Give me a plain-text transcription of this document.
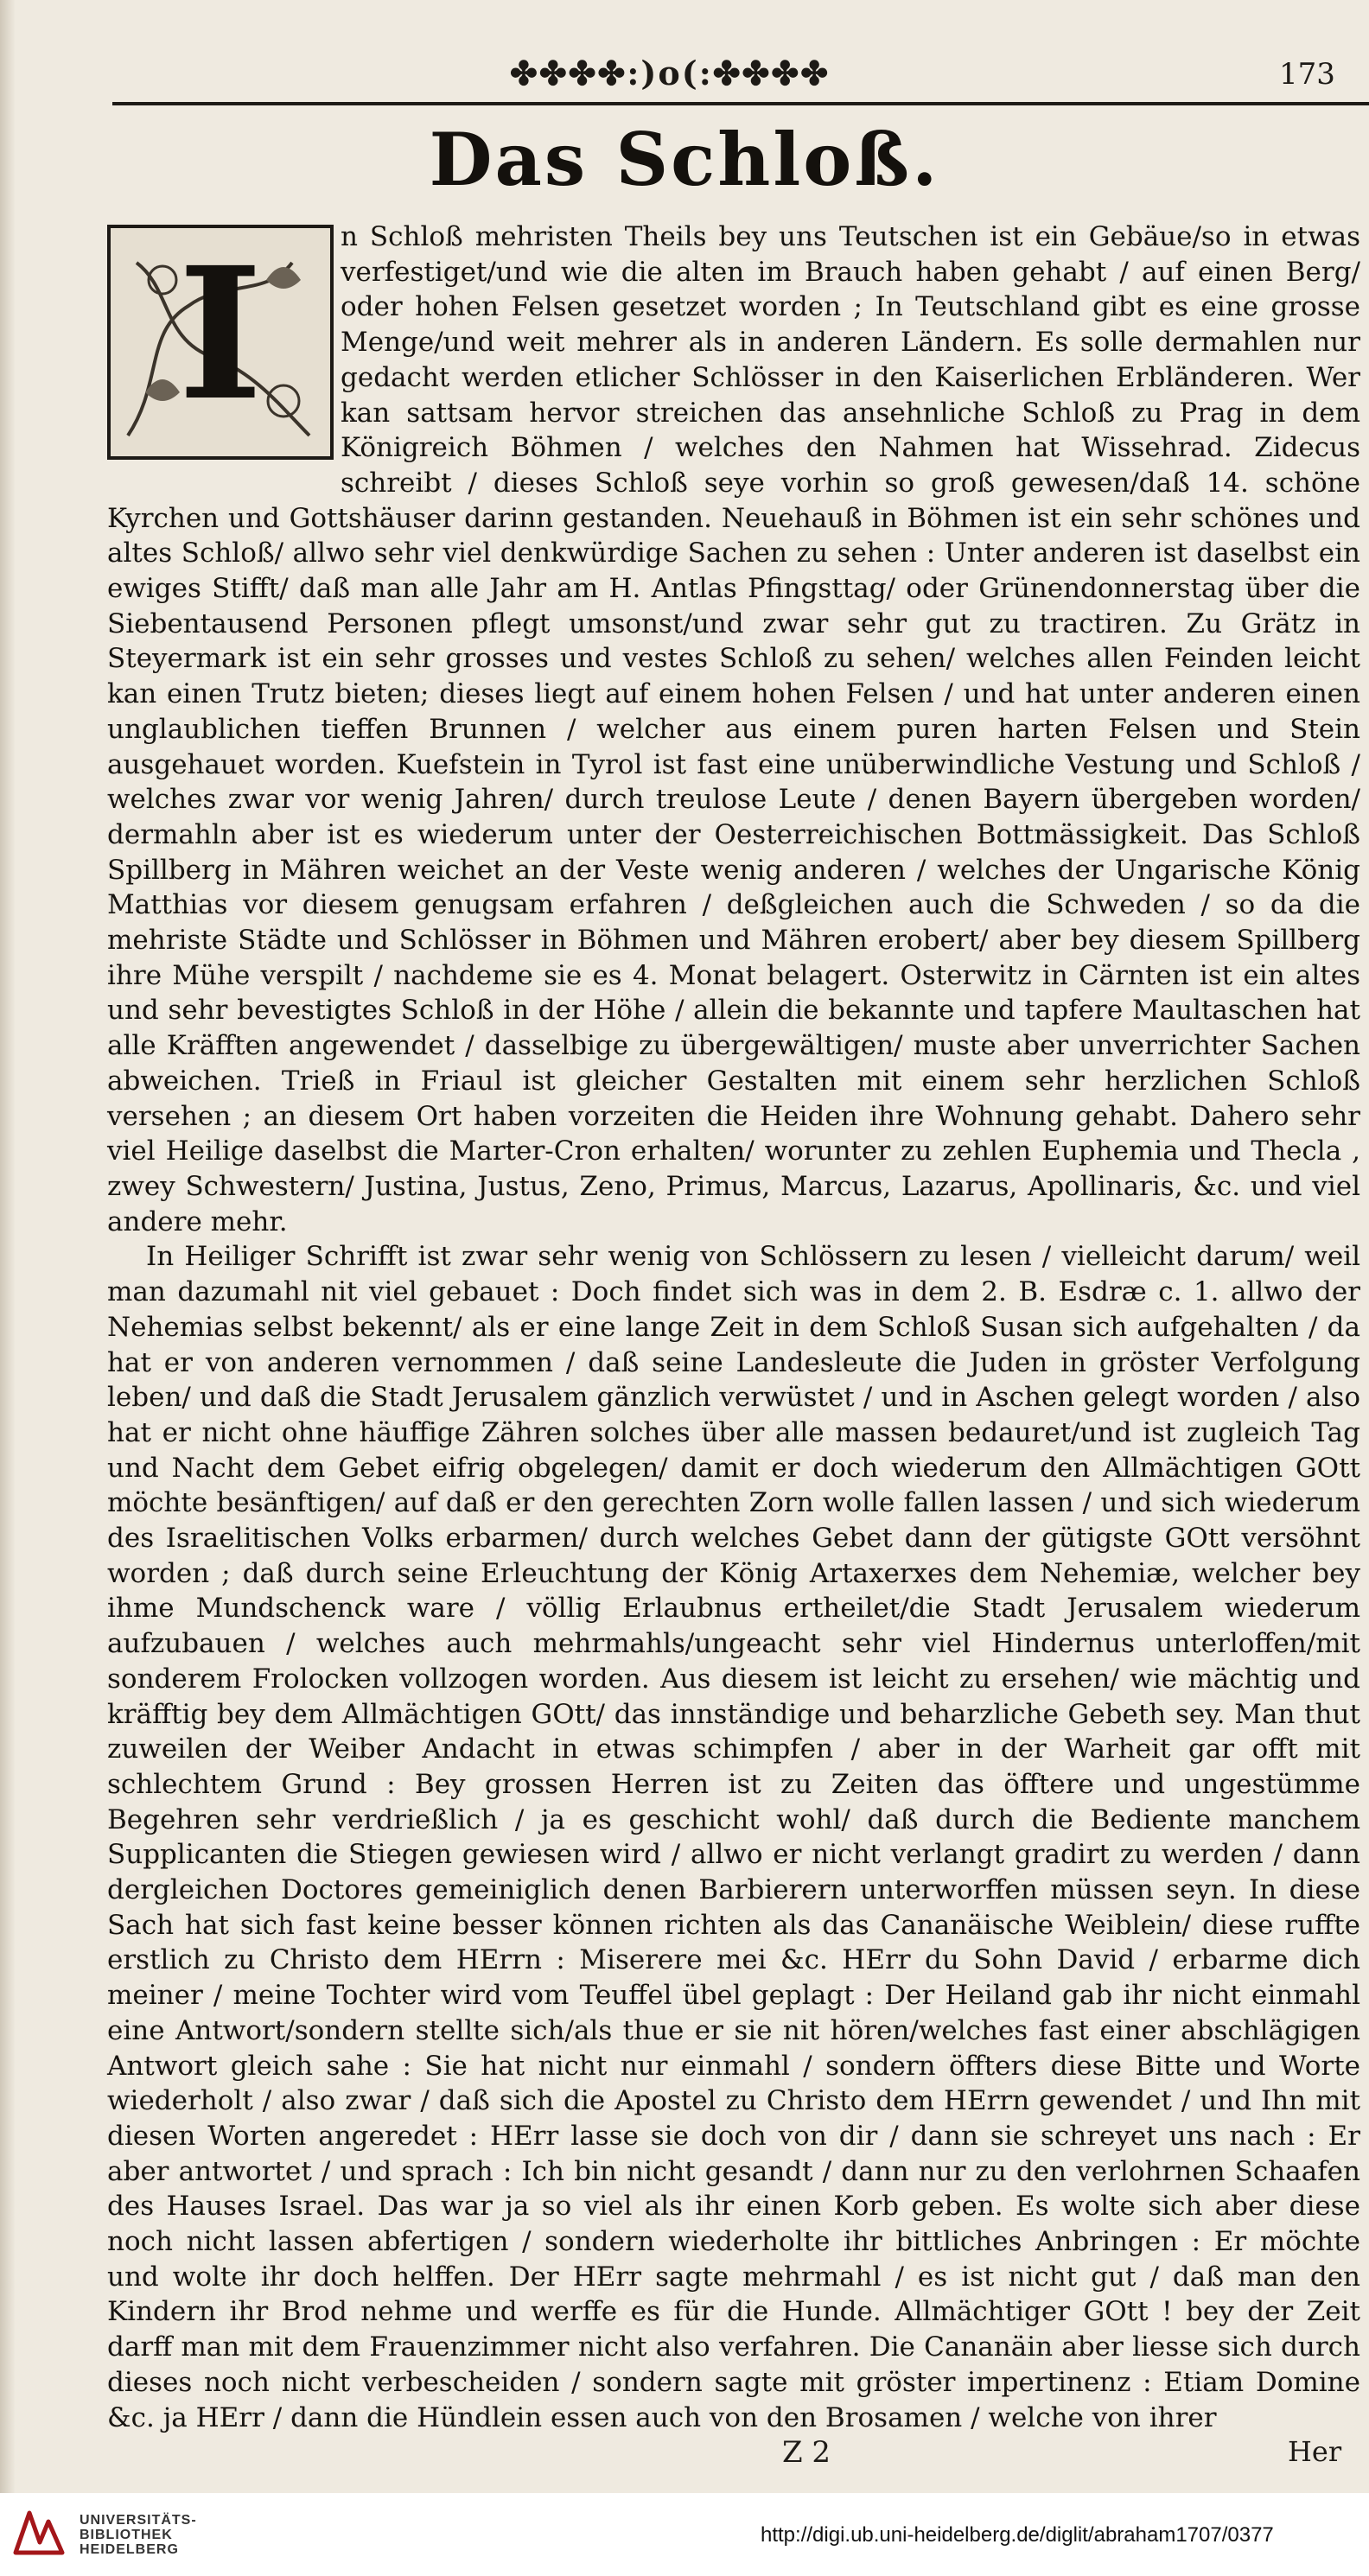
✤✤✤✤:)o(:✤✤✤✤	173
Das Schloß.
I	n Schloß mehristen Theils bey uns Teutschen ist ein Gebäue/so in etwas verfestiget/und wie die alten im Brauch haben gehabt / auf einen Berg/ oder hohen Felsen gesetzet worden ; In Teutschland gibt es eine grosse Menge/und weit mehrer als in anderen Ländern. Es solle dermahlen nur gedacht werden etlicher Schlösser in den Kaiserlichen Erbländeren. Wer kan sattsam hervor streichen das ansehnliche Schloß zu Prag in dem Königreich Böhmen / welches den Nahmen hat Wissehrad. Zidecus schreibt / dieses Schloß seye vorhin so groß gewesen/daß 14. schöne Kyrchen und Gottshäuser darinn gestanden. Neuehauß in Böhmen ist ein sehr schönes und altes Schloß/ allwo sehr viel denkwürdige Sachen zu sehen : Unter anderen ist daselbst ein ewiges Stifft/ daß man alle Jahr am H. Antlas Pfingsttag/ oder Grünendonnerstag über die Siebentausend Personen pflegt umsonst/und zwar sehr gut zu tractiren. Zu Grätz in Steyermark ist ein sehr grosses und vestes Schloß zu sehen/ welches allen Feinden leicht kan einen Trutz bieten; dieses liegt auf einem hohen Felsen / und hat unter anderen einen unglaublichen tieffen Brunnen / welcher aus einem puren harten Felsen und Stein ausgehauet worden. Kuefstein in Tyrol ist fast eine unüberwindliche Vestung und Schloß / welches zwar vor wenig Jahren/ durch treulose Leute / denen Bayern übergeben worden/ dermahln aber ist es wiederum unter der Oesterreichischen Bottmässigkeit. Das Schloß Spillberg in Mähren weichet an der Veste wenig anderen / welches der Ungarische König Matthias vor diesem genugsam erfahren / deßgleichen auch die Schweden / so da die mehriste Städte und Schlösser in Böhmen und Mähren erobert/ aber bey diesem Spillberg ihre Mühe verspilt / nachdeme sie es 4. Monat belagert. Osterwitz in Cärnten ist ein altes und sehr bevestigtes Schloß in der Höhe / allein die bekannte und tapfere Maultaschen hat alle Kräfften angewendet / dasselbige zu übergewältigen/ muste aber unverrichter Sachen abweichen. Trieß in Friaul ist gleicher Gestalten mit einem sehr herzlichen Schloß versehen ; an diesem Ort haben vorzeiten die Heiden ihre Wohnung gehabt. Dahero sehr viel Heilige daselbst die Marter-Cron erhalten/ worunter zu zehlen Euphemia und Thecla , zwey Schwestern/ Justina, Justus, Zeno, Primus, Marcus, Lazarus, Apollinaris, &c. und viel andere mehr.

In Heiliger Schrifft ist zwar sehr wenig von Schlössern zu lesen / vielleicht darum/ weil man dazumahl nit viel gebauet : Doch findet sich was in dem 2. B. Esdræ c. 1. allwo der Nehemias selbst bekennt/ als er eine lange Zeit in dem Schloß Susan sich aufgehalten / da hat er von anderen vernommen / daß seine Landesleute die Juden in gröster Verfolgung leben/ und daß die Stadt Jerusalem gänzlich verwüstet / und in Aschen gelegt worden / also hat er nicht ohne häuffige Zähren solches über alle massen bedauret/und ist zugleich Tag und Nacht dem Gebet eifrig obgelegen/ damit er doch wiederum den Allmächtigen GOtt möchte besänftigen/ auf daß er den gerechten Zorn wolle fallen lassen / und sich wiederum des Israelitischen Volks erbarmen/ durch welches Gebet dann der gütigste GOtt versöhnt worden ; daß durch seine Erleuchtung der König Artaxerxes dem Nehemiæ, welcher bey ihme Mundschenck ware / völlig Erlaubnus ertheilet/die Stadt Jerusalem wiederum aufzubauen / welches auch mehrmahls/ungeacht sehr viel Hindernus unterloffen/mit sonderem Frolocken vollzogen worden. Aus diesem ist leicht zu ersehen/ wie mächtig und kräfftig bey dem Allmächtigen GOtt/ das innständige und beharzliche Gebeth sey. Man thut zuweilen der Weiber Andacht in etwas schimpfen / aber in der Warheit gar offt mit schlechtem Grund : Bey grossen Herren ist zu Zeiten das öfftere und ungestümme Begehren sehr verdrießlich / ja es geschicht wohl/ daß durch die Bediente manchem Supplicanten die Stiegen gewiesen wird / allwo er nicht verlangt gradirt zu werden / dann dergleichen Doctores gemeiniglich denen Barbierern unterworffen müssen seyn. In diese Sach hat sich fast keine besser können richten als das Cananäische Weiblein/ diese ruffte erstlich zu Christo dem HErrn : Miserere mei &c. HErr du Sohn David / erbarme dich meiner / meine Tochter wird vom Teuffel übel geplagt : Der Heiland gab ihr nicht einmahl eine Antwort/sondern stellte sich/als thue er sie nit hören/welches fast einer abschlägigen Antwort gleich sahe : Sie hat nicht nur einmahl / sondern öffters diese Bitte und Worte wiederholt / also zwar / daß sich die Apostel zu Christo dem HErrn gewendet / und Ihn mit diesen Worten angeredet : HErr lasse sie doch von dir / dann sie schreyet uns nach : Er aber antwortet / und sprach : Ich bin nicht gesandt / dann nur zu den verlohrnen Schaafen des Hauses Israel. Das war ja so viel als ihr einen Korb geben. Es wolte sich aber diese noch nicht lassen abfertigen / sondern wiederholte ihr bittliches Anbringen : Er möchte und wolte ihr doch helffen. Der HErr sagte mehrmahl / es ist nicht gut / daß man den Kindern ihr Brod nehme und werffe es für die Hunde. Allmächtiger GOtt ! bey der Zeit darff man mit dem Frauenzimmer nicht also verfahren. Die Cananäin aber liesse sich durch dieses noch nicht verbescheiden / sondern sagte mit gröster impertinenz : Etiam Domine &c. ja HErr / dann die Hündlein essen auch von den Brosamen / welche von ihrer

Z 2	Her
UNIVERSITÄTS-
BIBLIOTHEK
HEIDELBERG
http://digi.ub.uni-heidelberg.de/diglit/abraham1707/0377
